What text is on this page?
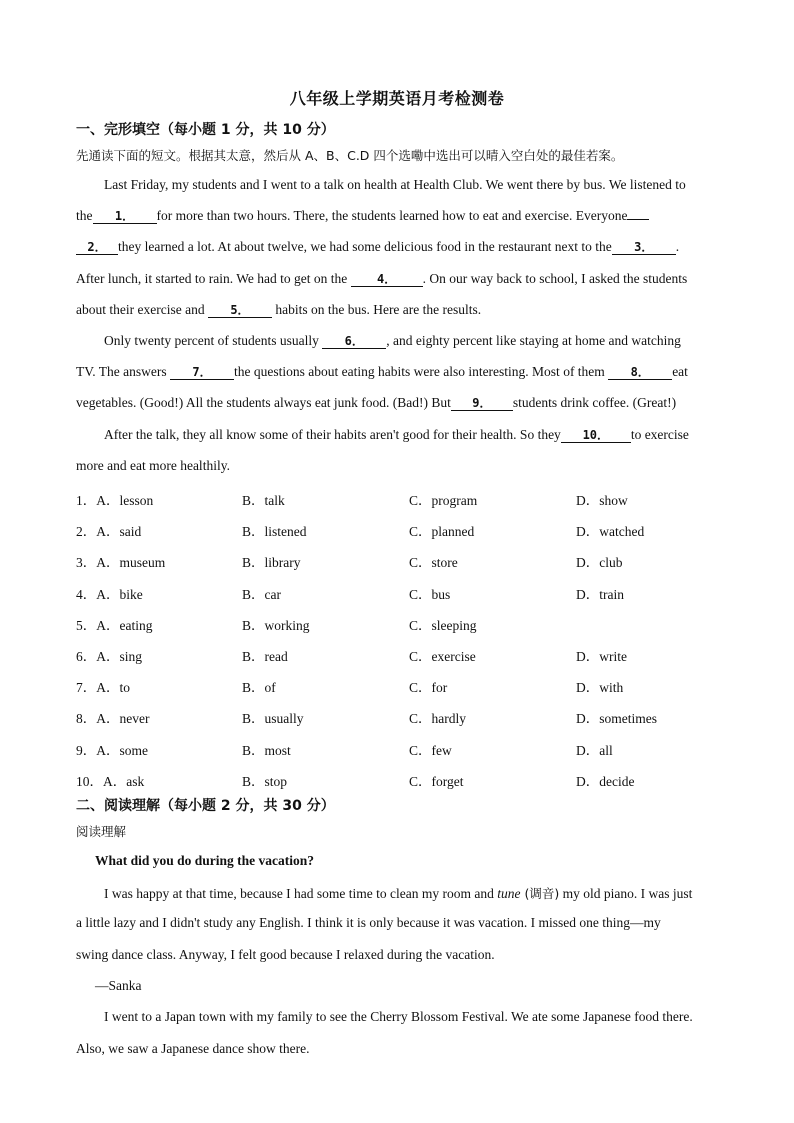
八年级上学期英语月考检测卷
一、完形填空（每小题 1 分，共 10 分）
先通读下面的短文。根据其太意，然后从 A、B、C.D 四个选嘞中选出可以晴入空白处的最佳若案。
Last Friday, my students and I went to a talk on health at Health Club. We went there by bus. We listened to
the 1． for more than two hours. There, the students learned how to eat and exercise. Everyone
2． they learned a lot. At about twelve, we had some delicious food in the restaurant next to the 3． .
After lunch, it started to rain. We had to get on the 4． . On our way back to school, I asked the students
about their exercise and 5． habits on the bus. Here are the results.
Only twenty percent of students usually 6． , and eighty percent like staying at home and watching
TV. The answers 7． the questions about eating habits were also interesting. Most of them 8． eat
vegetables. (Good!) All the students always eat junk food. (Bad!) But 9． students drink coffee. (Great!)
After the talk, they all know some of their habits aren't good for their health. So they 10． to exercise
more and eat more healthily.
1．A．lesson	B．talk	C．program	D．show
2．A．said	B．listened	C．planned	D．watched
3．A．museum	B．library	C．store	D．club
4．A．bike	B．car	C．bus	D．train
5．A．eating	B．working	C．sleeping
6．A．sing	B．read	C．exercise	D．write
7．A．to	B．of	C．for	D．with
8．A．never	B．usually	C．hardly	D．sometimes
9．A．some	B．most	C．few	D．all
10．A．ask	B．stop	C．forget	D．decide
二、阅读理解（每小题 2 分，共 30 分）
阅读理解
What did you do during the vacation?
I was happy at that time, because I had some time to clean my room and tune (调音) my old piano. I was just
a little lazy and I didn't study any English. I think it is only because it was vacation. I missed one thing—my
swing dance class. Anyway, I felt good because I relaxed during the vacation.
—Sanka
I went to a Japan town with my family to see the Cherry Blossom Festival. We ate some Japanese food there.
Also, we saw a Japanese dance show there.
